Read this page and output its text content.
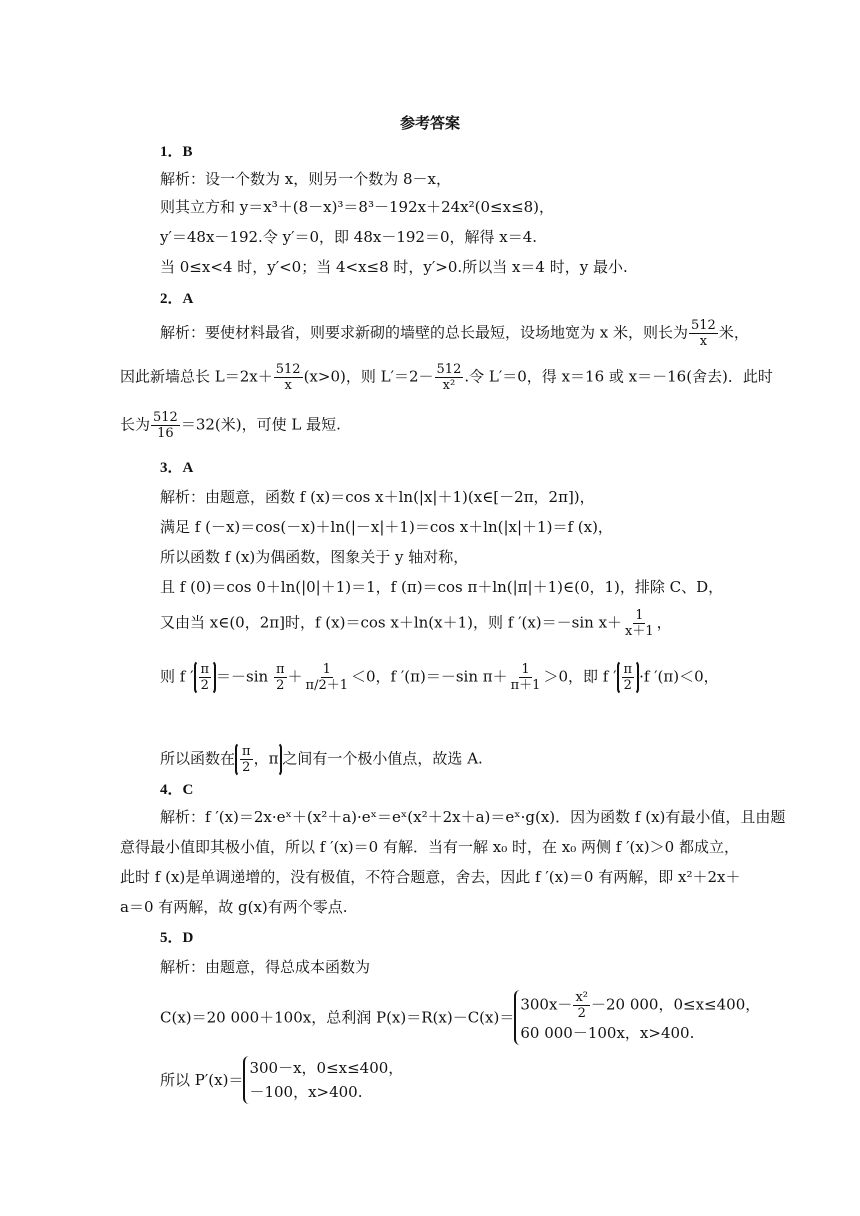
参考答案
1．B
解析：设一个数为 x，则另一个数为 8－x，
则其立方和 y＝x³＋(8－x)³＝8³－192x＋24x²(0≤x≤8)，
y′＝48x－192.令 y′＝0，即 48x－192＝0，解得 x＝4.
当 0≤x<4 时，y′<0；当 4<x≤8 时，y′>0.所以当 x＝4 时，y 最小.
2．A
解析：要使材料最省，则要求新砌的墙壁的总长最短，设场地宽为 x 米，则长为 $\frac{512}{x}$ 米，
因此新墙总长 $L=2x+ \frac{512}{x} (x>0)$，则 $L'=2- \frac{512}{\text{x²}}$ .令 L′＝0，得 x＝16 或 x＝－16(舍去)．此时
长为 $\frac{512}{16} =32$(米)，可使 L 最短.
3．A
解析：由题意，函数 f (x)＝cos x＋ln(|x|＋1)(x∈[－2π，2π])，
满足 f (－x)＝cos(－x)＋ln(|－x|＋1)＝cos x＋ln(|x|＋1)＝f (x)，
所以函数 f (x)为偶函数，图象关于 y 轴对称，
且 f (0)＝cos 0＋ln(|0|＋1)＝1，f (π)＝cos π＋ln(|π|＋1)∈(0，1)，排除 C、D，
又由当 x∈(0，2π]时，f (x)＝cos x＋ln(x＋1)，则 f ′(x)＝－sin $x+ \frac{1}{x+1}$ ，
则 f ′ $\frac{\pi}{2} =-\sin \frac{\pi}{2} + \frac{1}{\pi/2+1} <0$，f ′(π)＝－sin $\pi+ \frac{1}{\pi+1} >0$，即 f ′ $\frac{\pi}{2} \cdot f$ ′(π)＜0，
所以函数在 $\frac{\pi}{2}$ ，π 之间有一个极小值点，故选 A.
4．C
解析：f ′(x)＝2x·eˣ＋(x²＋a)·eˣ＝eˣ(x²＋2x＋a)＝eˣ·g(x)．因为函数 f (x)有最小值，且由题
意得最小值即其极小值，所以 f ′(x)＝0 有解．当有一解 x₀ 时，在 x₀ 两侧 f ′(x)＞0 都成立，
此时 f (x)是单调递增的，没有极值，不符合题意，舍去，因此 f ′(x)＝0 有两解，即 x²＋2x＋
a＝0 有两解，故 g(x)有两个零点.
5．D
解析：由题意，得总成本函数为
C(x)＝20 000＋100x，总利润 P(x)＝R(x)－C(x)＝
$300x- \frac{\text{x²}}{2} -20$ 000，0≤x≤400，
60 000－100x，x>400.
所以 P′(x)＝
300－x，0≤x≤400，
－100，x>400.
